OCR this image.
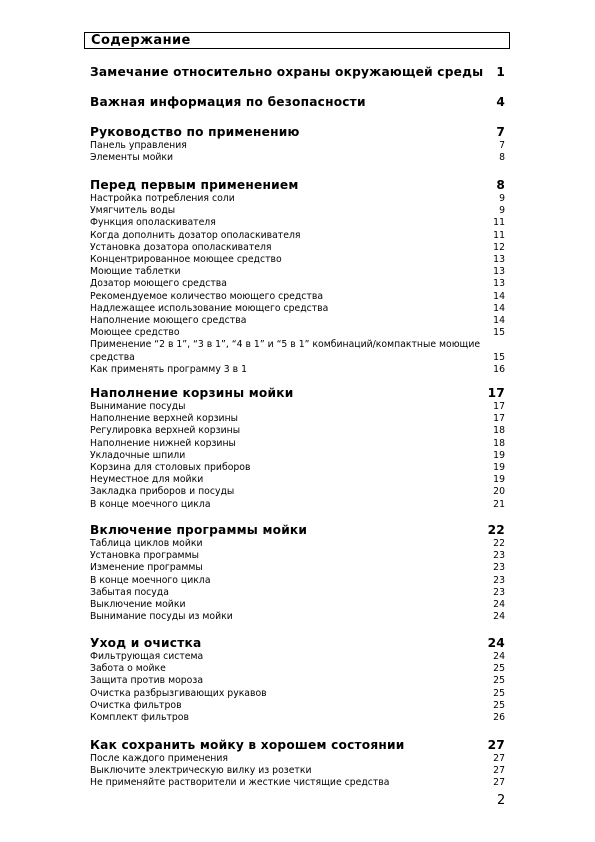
Содержание
Замечание относительно охраны окружающей среды 1
Важная информация по безопасности	4
Руководство по применению	7
Панель управления	7
Элементы мойки	8
Перед первым применением	8
Настройка потребления соли	9
Умягчитель воды	9
Функция ополаскивателя	11
Когда дополнить дозатор ополаскивателя	11
Установка дозатора ополаскивателя	12
Концентрированное моющее средство	13
Моющие таблетки	13
Дозатор моющего средства	13
Рекомендуемое количество моющего средства	14
Надлежащее использование моющего средства	14
Наполнение моющего средства	14
Моющее средство	15
Применение “2 в 1”, “3 в 1”, “4 в 1” и “5 в 1” комбинаций/компактные моющие средства	15
Как применять программу 3 в 1	16
Наполнение корзины мойки	17
Вынимание посуды	17
Наполнение верхней корзины	17
Регулировка верхней корзины	18
Наполнение нижней корзины	18
Укладочные шпили	19
Корзина для столовых приборов	19
Неуместное для мойки	19
Закладка приборов и посуды	20
В конце моечного цикла	21
Включение программы мойки	22
Таблица циклов мойки	22
Установка программы	23
Изменение программы	23
В конце моечного цикла	23
Забытая посуда	23
Выключение мойки	24
Вынимание посуды из мойки	24
Уход и очистка	24
Фильтрующая система	24
Забота о мойке	25
Защита против мороза	25
Очистка разбрызгивающих рукавов	25
Очистка фильтров	25
Комплект фильтров	26
Как сохранить мойку в хорошем состоянии	27
После каждого применения	27
Выключите электрическую вилку из розетки	27
Не применяйте растворители и жесткие чистящие средства	27
2
